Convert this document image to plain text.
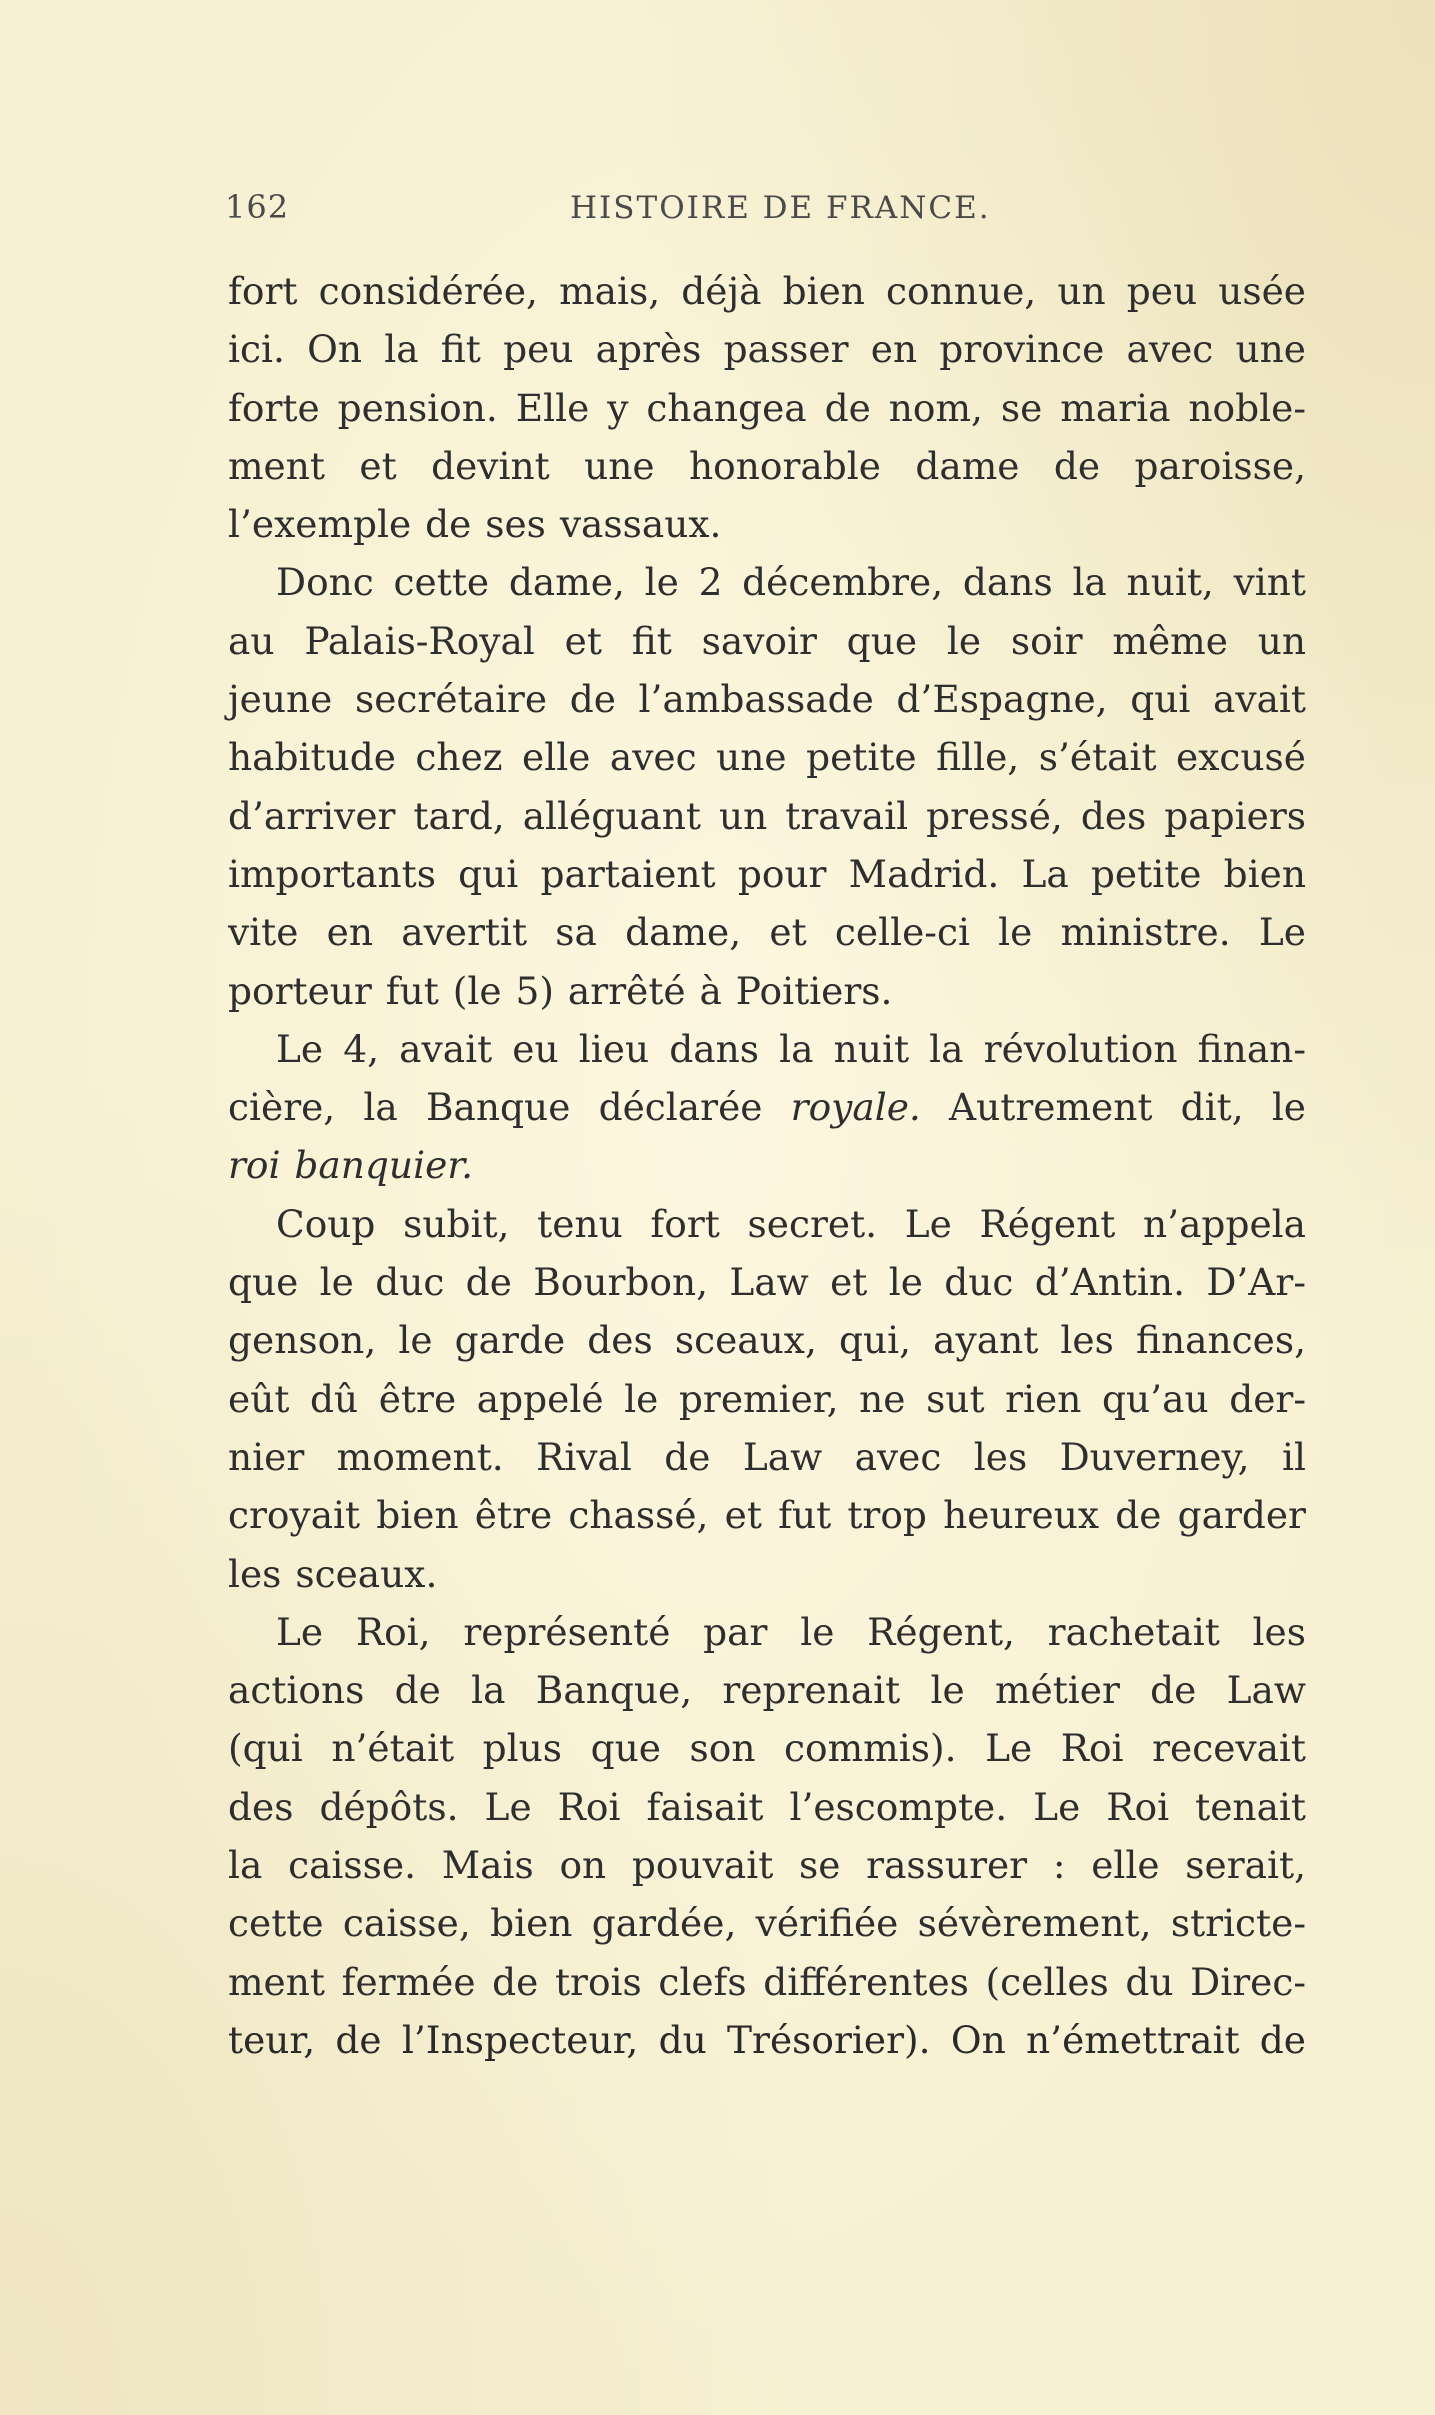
162	HISTOIRE DE FRANCE.
fort considérée, mais, déjà bien connue, un peu usée
ici. On la fit peu après passer en province avec une
forte pension. Elle y changea de nom, se maria noble-
ment et devint une honorable dame de paroisse,
l’exemple de ses vassaux.
Donc cette dame, le 2 décembre, dans la nuit, vint
au Palais-Royal et fit savoir que le soir même un
jeune secrétaire de l’ambassade d’Espagne, qui avait
habitude chez elle avec une petite fille, s’était excusé
d’arriver tard, alléguant un travail pressé, des papiers
importants qui partaient pour Madrid. La petite bien
vite en avertit sa dame, et celle-ci le ministre. Le
porteur fut (le 5) arrêté à Poitiers.
Le 4, avait eu lieu dans la nuit la révolution finan-
cière, la Banque déclarée royale. Autrement dit, le
roi banquier.
Coup subit, tenu fort secret. Le Régent n’appela
que le duc de Bourbon, Law et le duc d’Antin. D’Ar-
genson, le garde des sceaux, qui, ayant les finances,
eût dû être appelé le premier, ne sut rien qu’au der-
nier moment. Rival de Law avec les Duverney, il
croyait bien être chassé, et fut trop heureux de garder
les sceaux.
Le Roi, représenté par le Régent, rachetait les
actions de la Banque, reprenait le métier de Law
(qui n’était plus que son commis). Le Roi recevait
des dépôts. Le Roi faisait l’escompte. Le Roi tenait
la caisse. Mais on pouvait se rassurer : elle serait,
cette caisse, bien gardée, vérifiée sévèrement, stricte-
ment fermée de trois clefs différentes (celles du Direc-
teur, de l’Inspecteur, du Trésorier). On n’émettrait de
